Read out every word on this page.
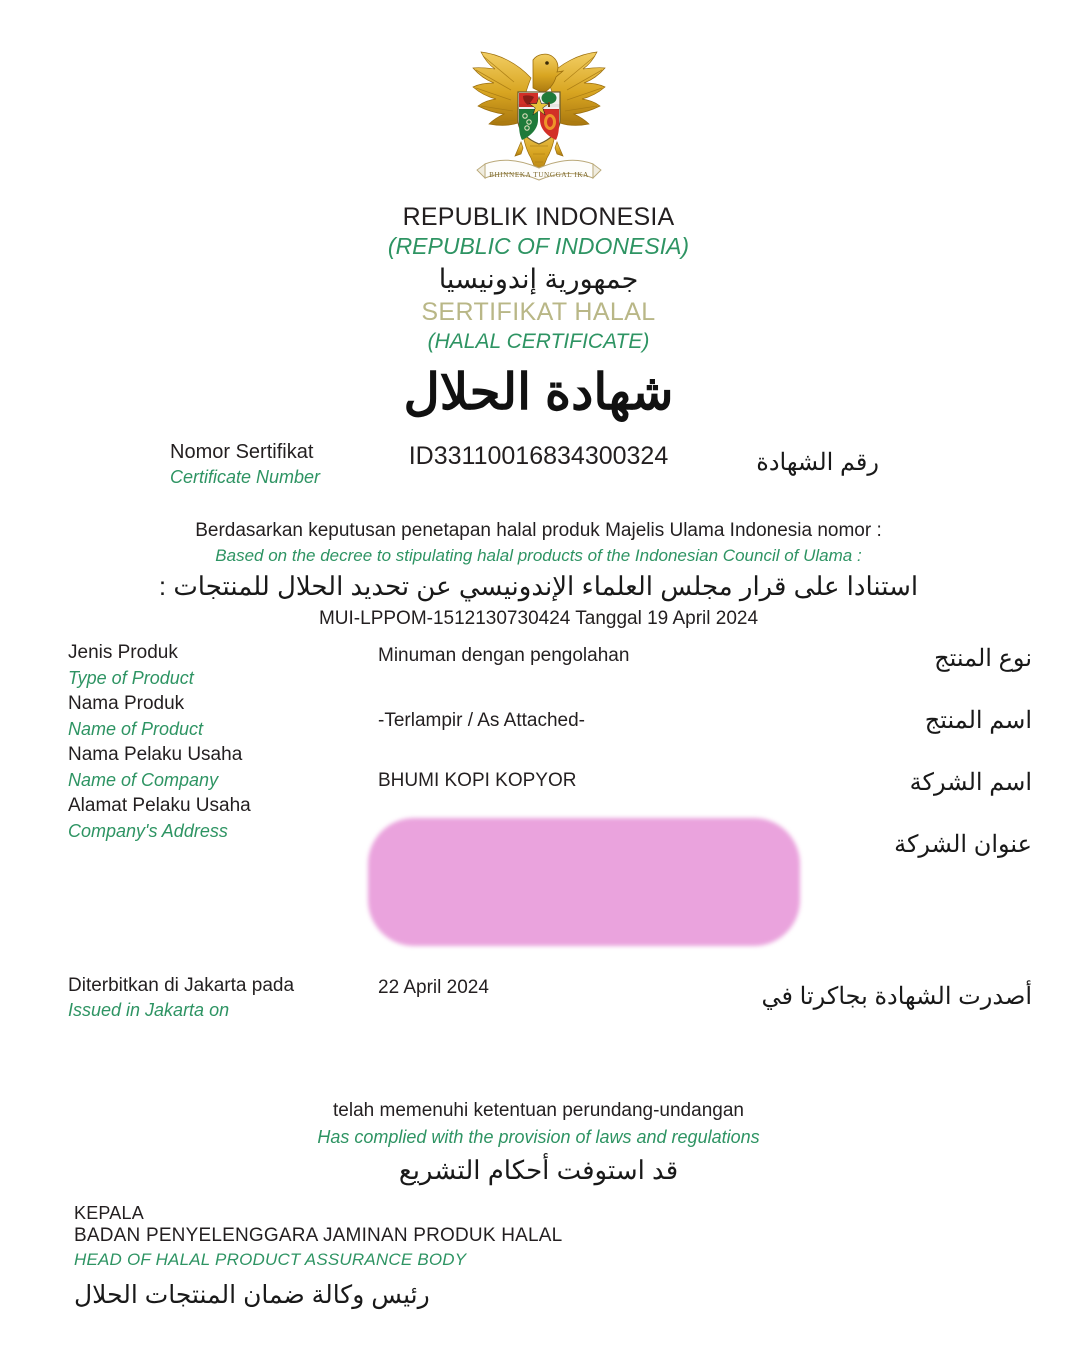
BHINNEKA TUNGGAL IKA
REPUBLIK INDONESIA
(REPUBLIC OF INDONESIA)
جمهورية إندونيسيا
SERTIFIKAT HALAL
(HALAL CERTIFICATE)
شهادة الحلال
Nomor Sertifikat
Certificate Number
ID33110016834300324	رقم الشهادة
Berdasarkan keputusan penetapan halal produk Majelis Ulama Indonesia nomor :
Based on the decree to stipulating halal products of the Indonesian Council of Ulama :
استنادا على قرار مجلس العلماء الإندونيسي عن تحديد الحلال للمنتجات :
MUI-LPPOM-1512130730424 Tanggal 19 April 2024
Jenis Produk
Type of Product
Nama Produk
Name of Product
Nama Pelaku Usaha
Name of Company
Alamat Pelaku Usaha
Company's Address
Minuman dengan pengolahan
-Terlampir / As Attached-
BHUMI KOPI KOPYOR
نوع المنتج
اسم المنتج
اسم الشركة
عنوان الشركة
Diterbitkan di Jakarta pada
Issued in Jakarta on
22 April 2024	أصدرت الشهادة بجاكرتا في
telah memenuhi ketentuan perundang-undangan
Has complied with the provision of laws and regulations
قد استوفت أحكام التشريع
KEPALA
BADAN PENYELENGGARA JAMINAN PRODUK HALAL
HEAD OF HALAL PRODUCT ASSURANCE BODY
رئيس وكالة ضمان المنتجات الحلال
